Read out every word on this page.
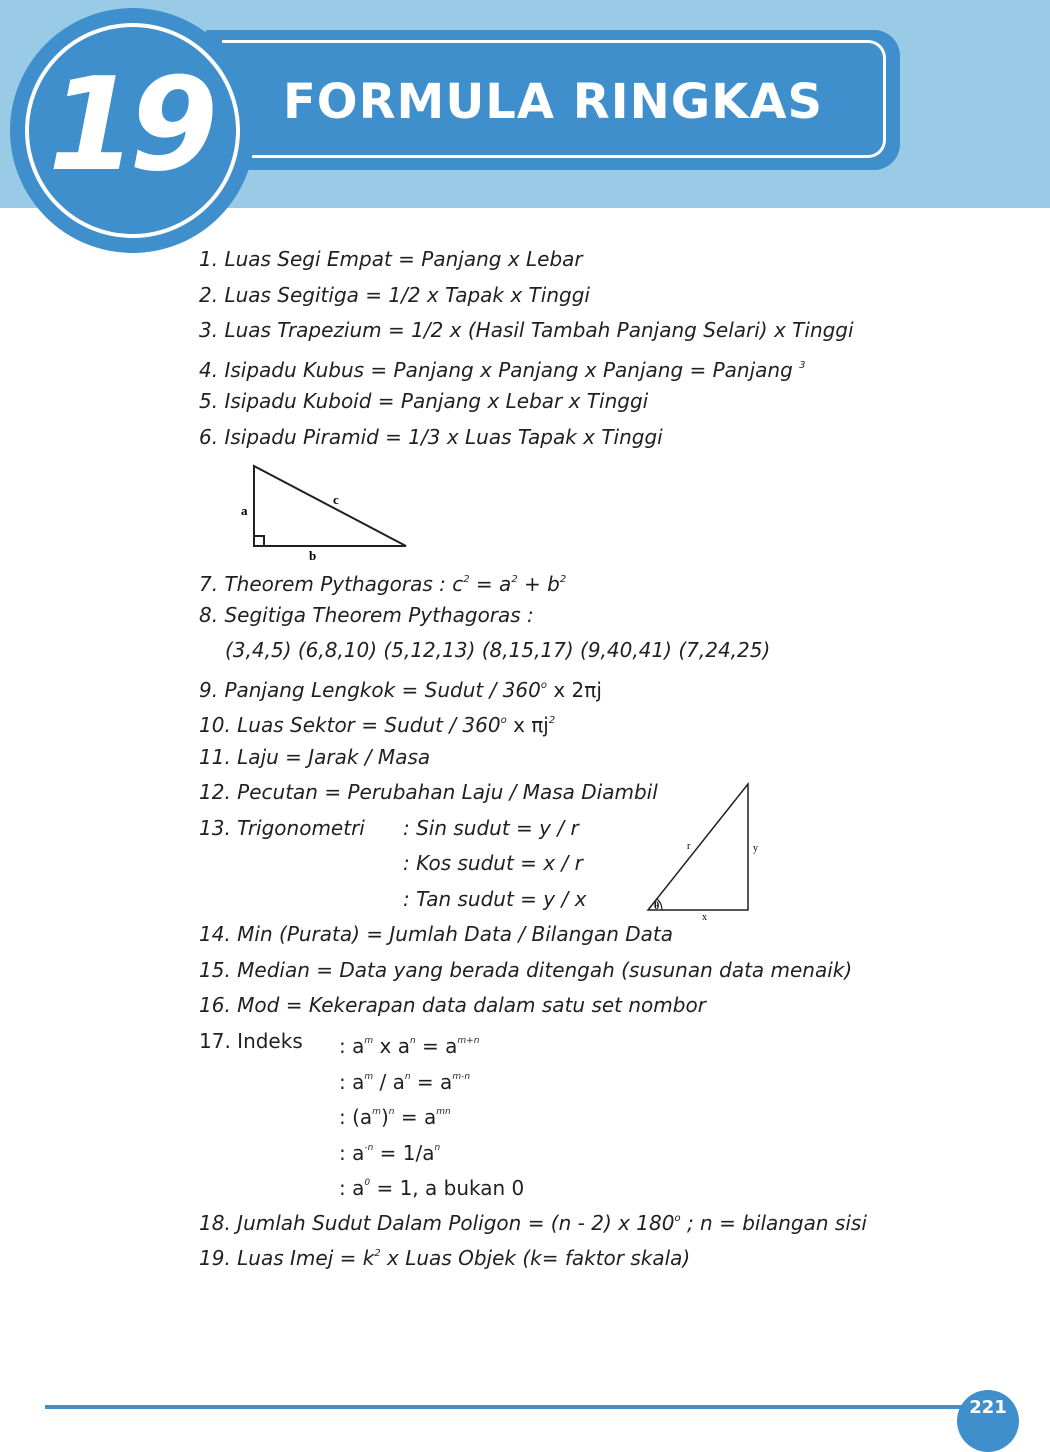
FORMULA RINGKAS
19
1. Luas Segi Empat = Panjang x Lebar
2. Luas Segitiga = 1/2 x Tapak x Tinggi
3. Luas Trapezium = 1/2 x (Hasil Tambah Panjang Selari) x Tinggi
4. Isipadu Kubus = Panjang x Panjang x Panjang = Panjang $^3$
5. Isipadu Kuboid = Panjang x Lebar x Tinggi
6. Isipadu Piramid = 1/3 x Luas Tapak x Tinggi
a
b
c
7. Theorem Pythagoras : $c^2 = a^2 + b^2$
8. Segitiga Theorem Pythagoras :
(3,4,5) (6,8,10) (5,12,13) (8,15,17) (9,40,41) (7,24,25)
9. Panjang Lengkok = Sudut / 360$^o$ x 2πj
10. Luas Sektor = Sudut / 360$^o$ x $\pi j^2$
11. Laju = Jarak / Masa
12. Pecutan = Perubahan Laju / Masa Diambil
13. Trigonometri : Sin sudut = y / r
: Kos sudut = x / r
: Tan sudut = y / x	θ
r	y
x
14. Min (Purata) = Jumlah Data / Bilangan Data
15. Median = Data yang berada ditengah (susunan data menaik)
16. Mod = Kekerapan data dalam satu set nombor
17. Indeks : $a^m$ x $a^n = a^{m+n}$
: $a^m / a^n = a^{m-n}$
: $(a^m)^n = a^{mn}$
: $a^{-n} = 1/a^n$
: $a^0 = 1$, a bukan 0
18. Jumlah Sudut Dalam Poligon = (n - 2) x 180$^o$ ; n = bilangan sisi
19. Luas Imej = $k^2$ x Luas Objek (k= faktor skala)
221
